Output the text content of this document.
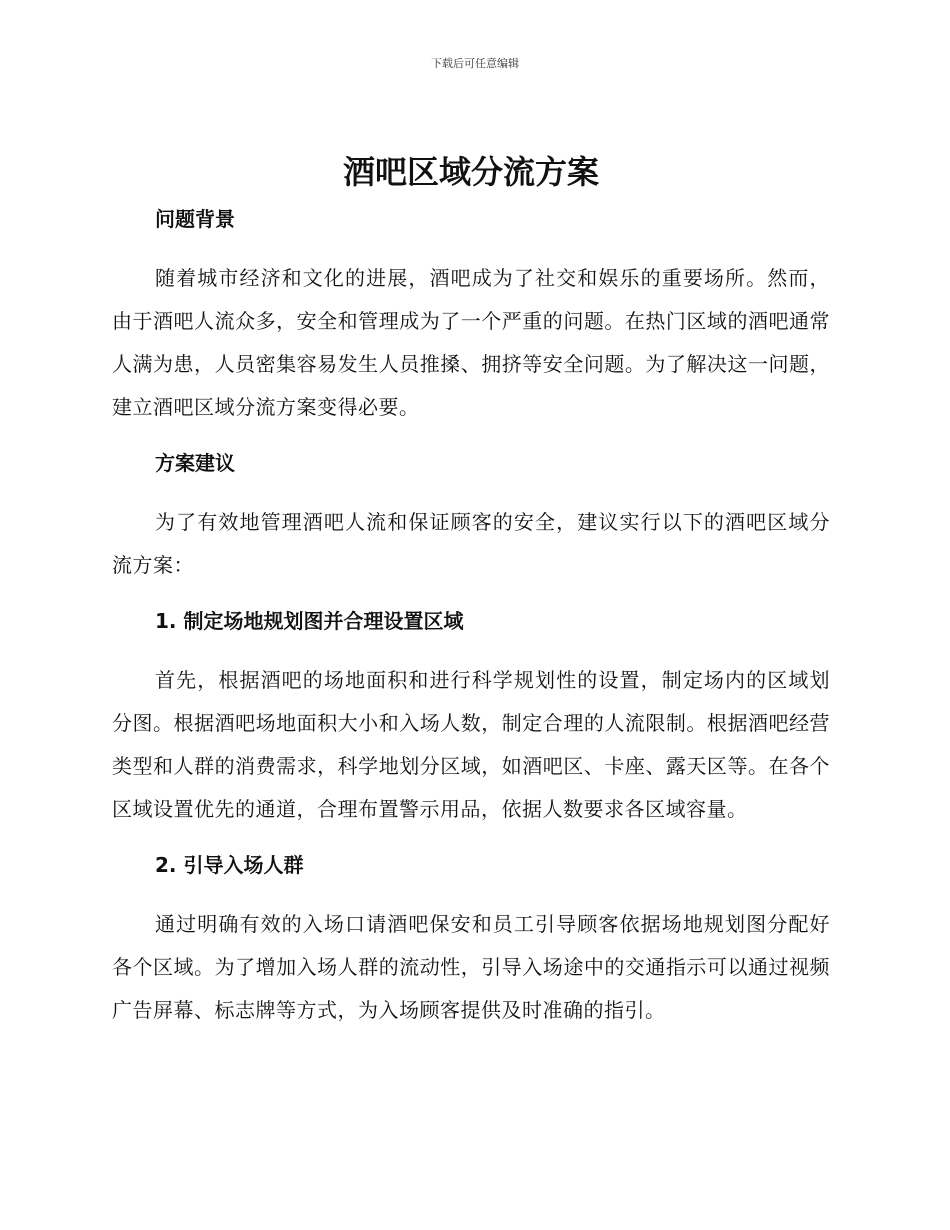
下载后可任意编辑
酒吧区域分流方案
问题背景

随着城市经济和文化的进展，酒吧成为了社交和娱乐的重要场所。然而，由于酒吧人流众多，安全和管理成为了一个严重的问题。在热门区域的酒吧通常人满为患，人员密集容易发生人员推搡、拥挤等安全问题。为了解决这一问题，建立酒吧区域分流方案变得必要。

方案建议

为了有效地管理酒吧人流和保证顾客的安全，建议实行以下的酒吧区域分流方案：

1. 制定场地规划图并合理设置区域

首先，根据酒吧的场地面积和进行科学规划性的设置，制定场内的区域划分图。根据酒吧场地面积大小和入场人数，制定合理的人流限制。根据酒吧经营类型和人群的消费需求，科学地划分区域，如酒吧区、卡座、露天区等。在各个区域设置优先的通道，合理布置警示用品，依据人数要求各区域容量。

2. 引导入场人群

通过明确有效的入场口请酒吧保安和员工引导顾客依据场地规划图分配好各个区域。为了增加入场人群的流动性，引导入场途中的交通指示可以通过视频广告屏幕、标志牌等方式，为入场顾客提供及时准确的指引。
